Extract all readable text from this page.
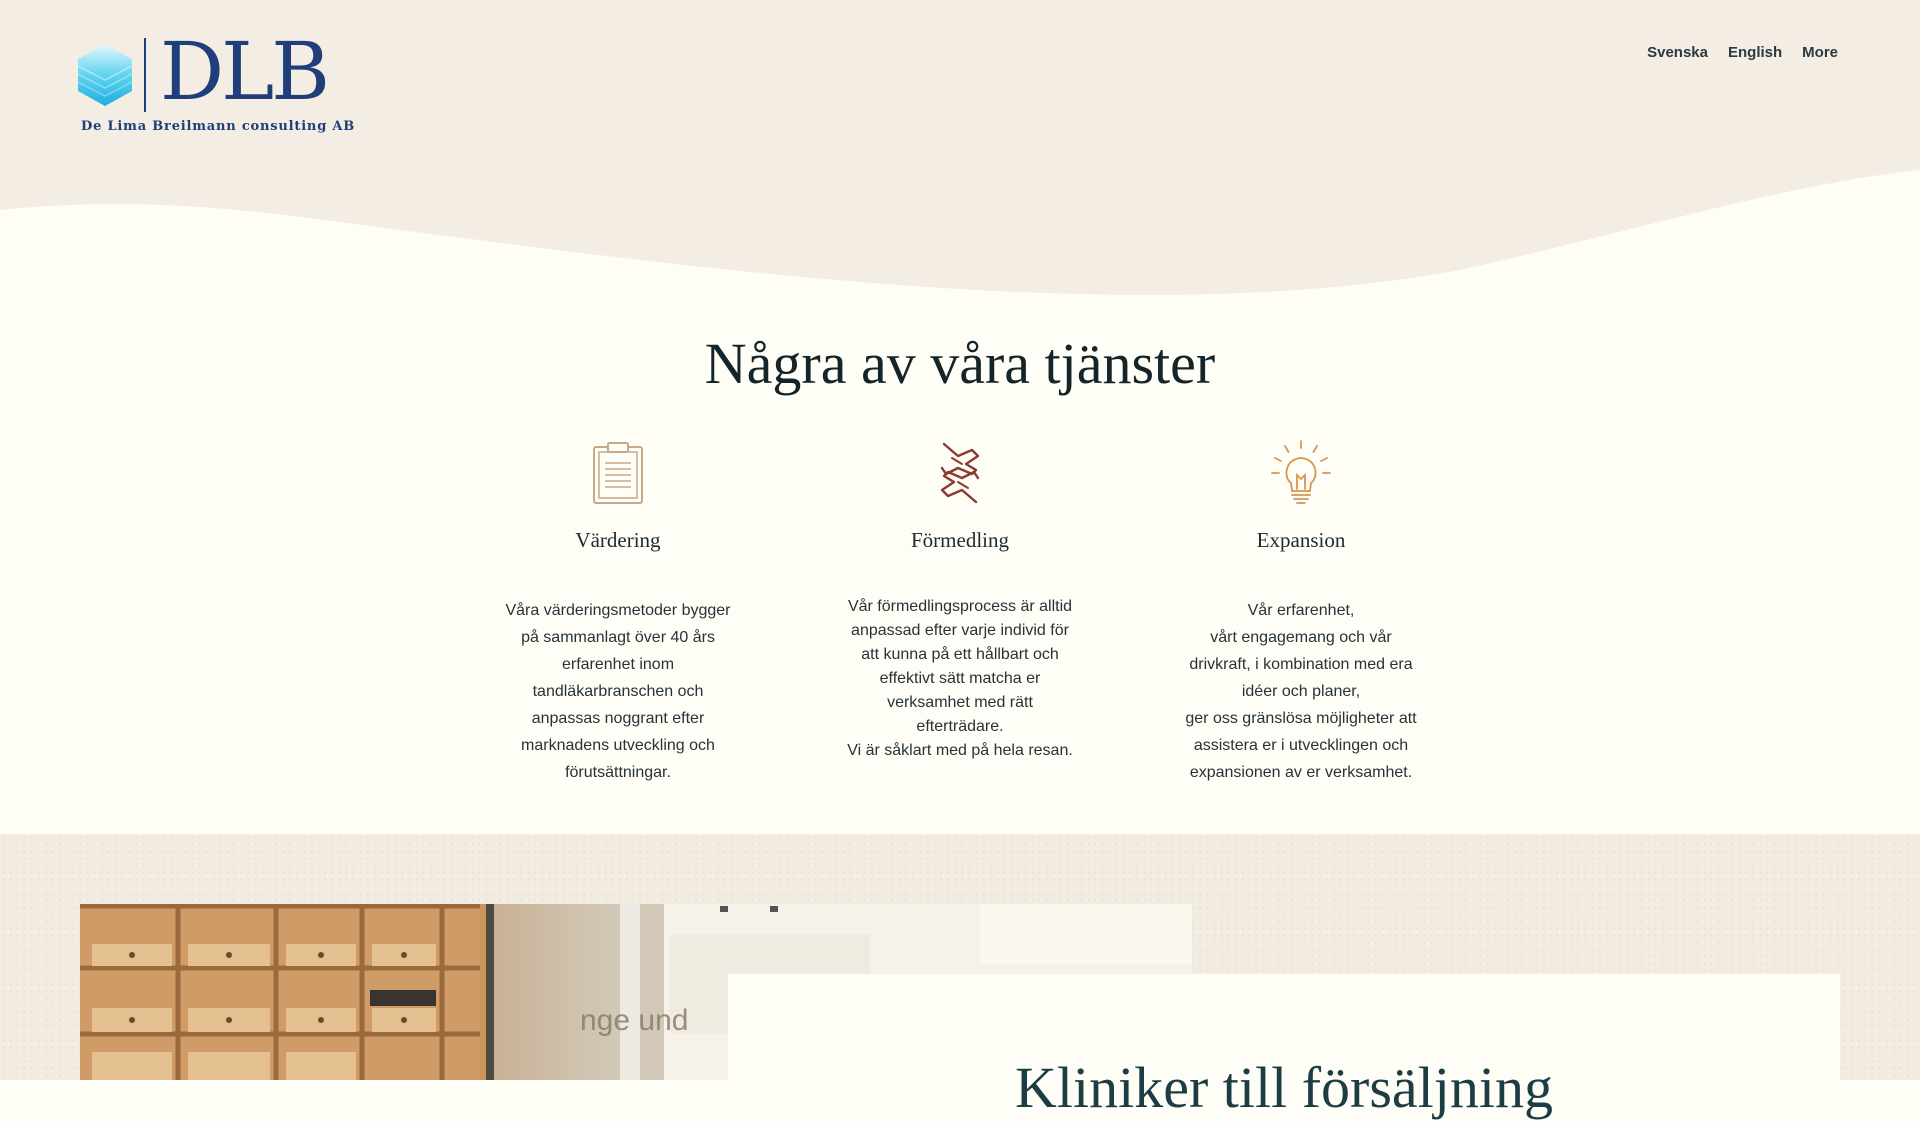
DLB
De Lima Breilmann consulting AB
Svenska English More
Några av våra tjänster
Värdering

Våra värderingsmetoder bygger på sammanlagt över 40 års erfarenhet inom tandläkarbranschen och anpassas noggrant efter marknadens utveckling och förutsättningar.

Förmedling

Vår förmedlingsprocess är alltid anpassad efter varje individ för att kunna på ett hållbart och effektivt sätt matcha er verksamhet med rätt efterträdare.
Vi är såklart med på hela resan.

Expansion

Vår erfarenhet,
vårt engagemang och vår drivkraft, i kombination med era idéer och planer,
ger oss gränslösa möjligheter att assistera er i utvecklingen och expansionen av er verksamhet.

nge und
Kliniker till försäljning
